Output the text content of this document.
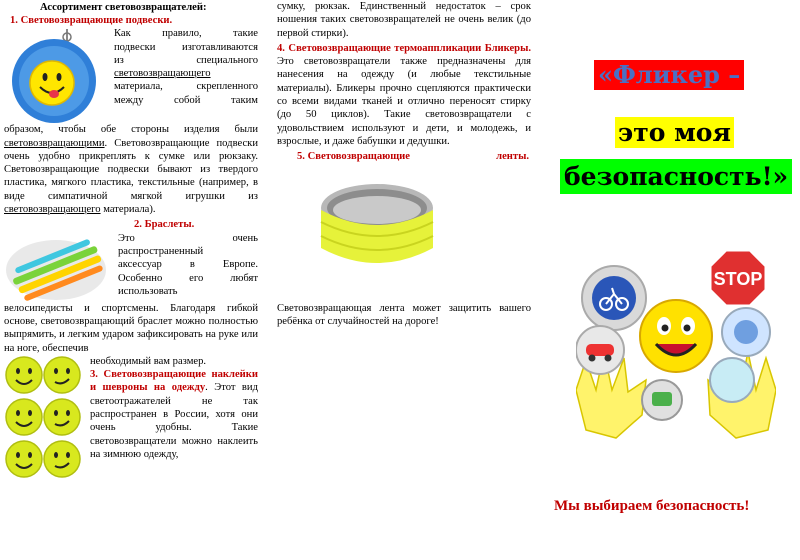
Ассортимент световозвращателей:

1. Световозвращающие подвески.

Как правило, такие

подвески изготавливаются

из специального

световозвращающего

материала, скрепленного

между собой таким

образом, чтобы обе стороны изделия были световозвращающими. Световозвращающие подвески очень удобно прикреплять к сумке или рюкзаку. Световозвращающие подвески бывают из твердого пластика, мягкого пластика, текстильные (например, в виде симпатичной мягкой игрушки из световозвращающего материала).

2. Браслеты.

Это очень

распространенный

аксессуар в Европе.

Особенно его любят

использовать

велосипедисты и спортсмены. Благодаря гибкой основе, световозвращающий браслет можно полностью выпрямить, и легким ударом зафиксировать на руке или на ноге, обеспечив

необходимый вам размер.

3. Световозвращающие наклейки и шевроны на одежду. Этот вид светоотражателей не так распространен в России, хотя они очень удобны. Такие световозвращатели можно наклеить на зимнюю одежду,

сумку, рюкзак. Единственный недостаток – срок ношения таких световозвращателей не очень велик (до первой стирки).

4. Световозвращающие термоаппликации Бликеры. Это световозвращатели также предназначены для нанесения на одежду (и любые текстильные материалы). Бликеры прочно сцепляются практически со всеми видами тканей и отлично переносят стирку (до 50 циклов). Такие световозвращатели с удовольствием используют и дети, и молодежь, и взрослые, и даже бабушки и дедушки.

5. Световозвращающие	ленты.

Световозвращающая лента может защитить вашего ребёнка от случайностей на дороге!

«Фликер –
это моя
безопасность!»
STOP
Мы выбираем безопасность!
